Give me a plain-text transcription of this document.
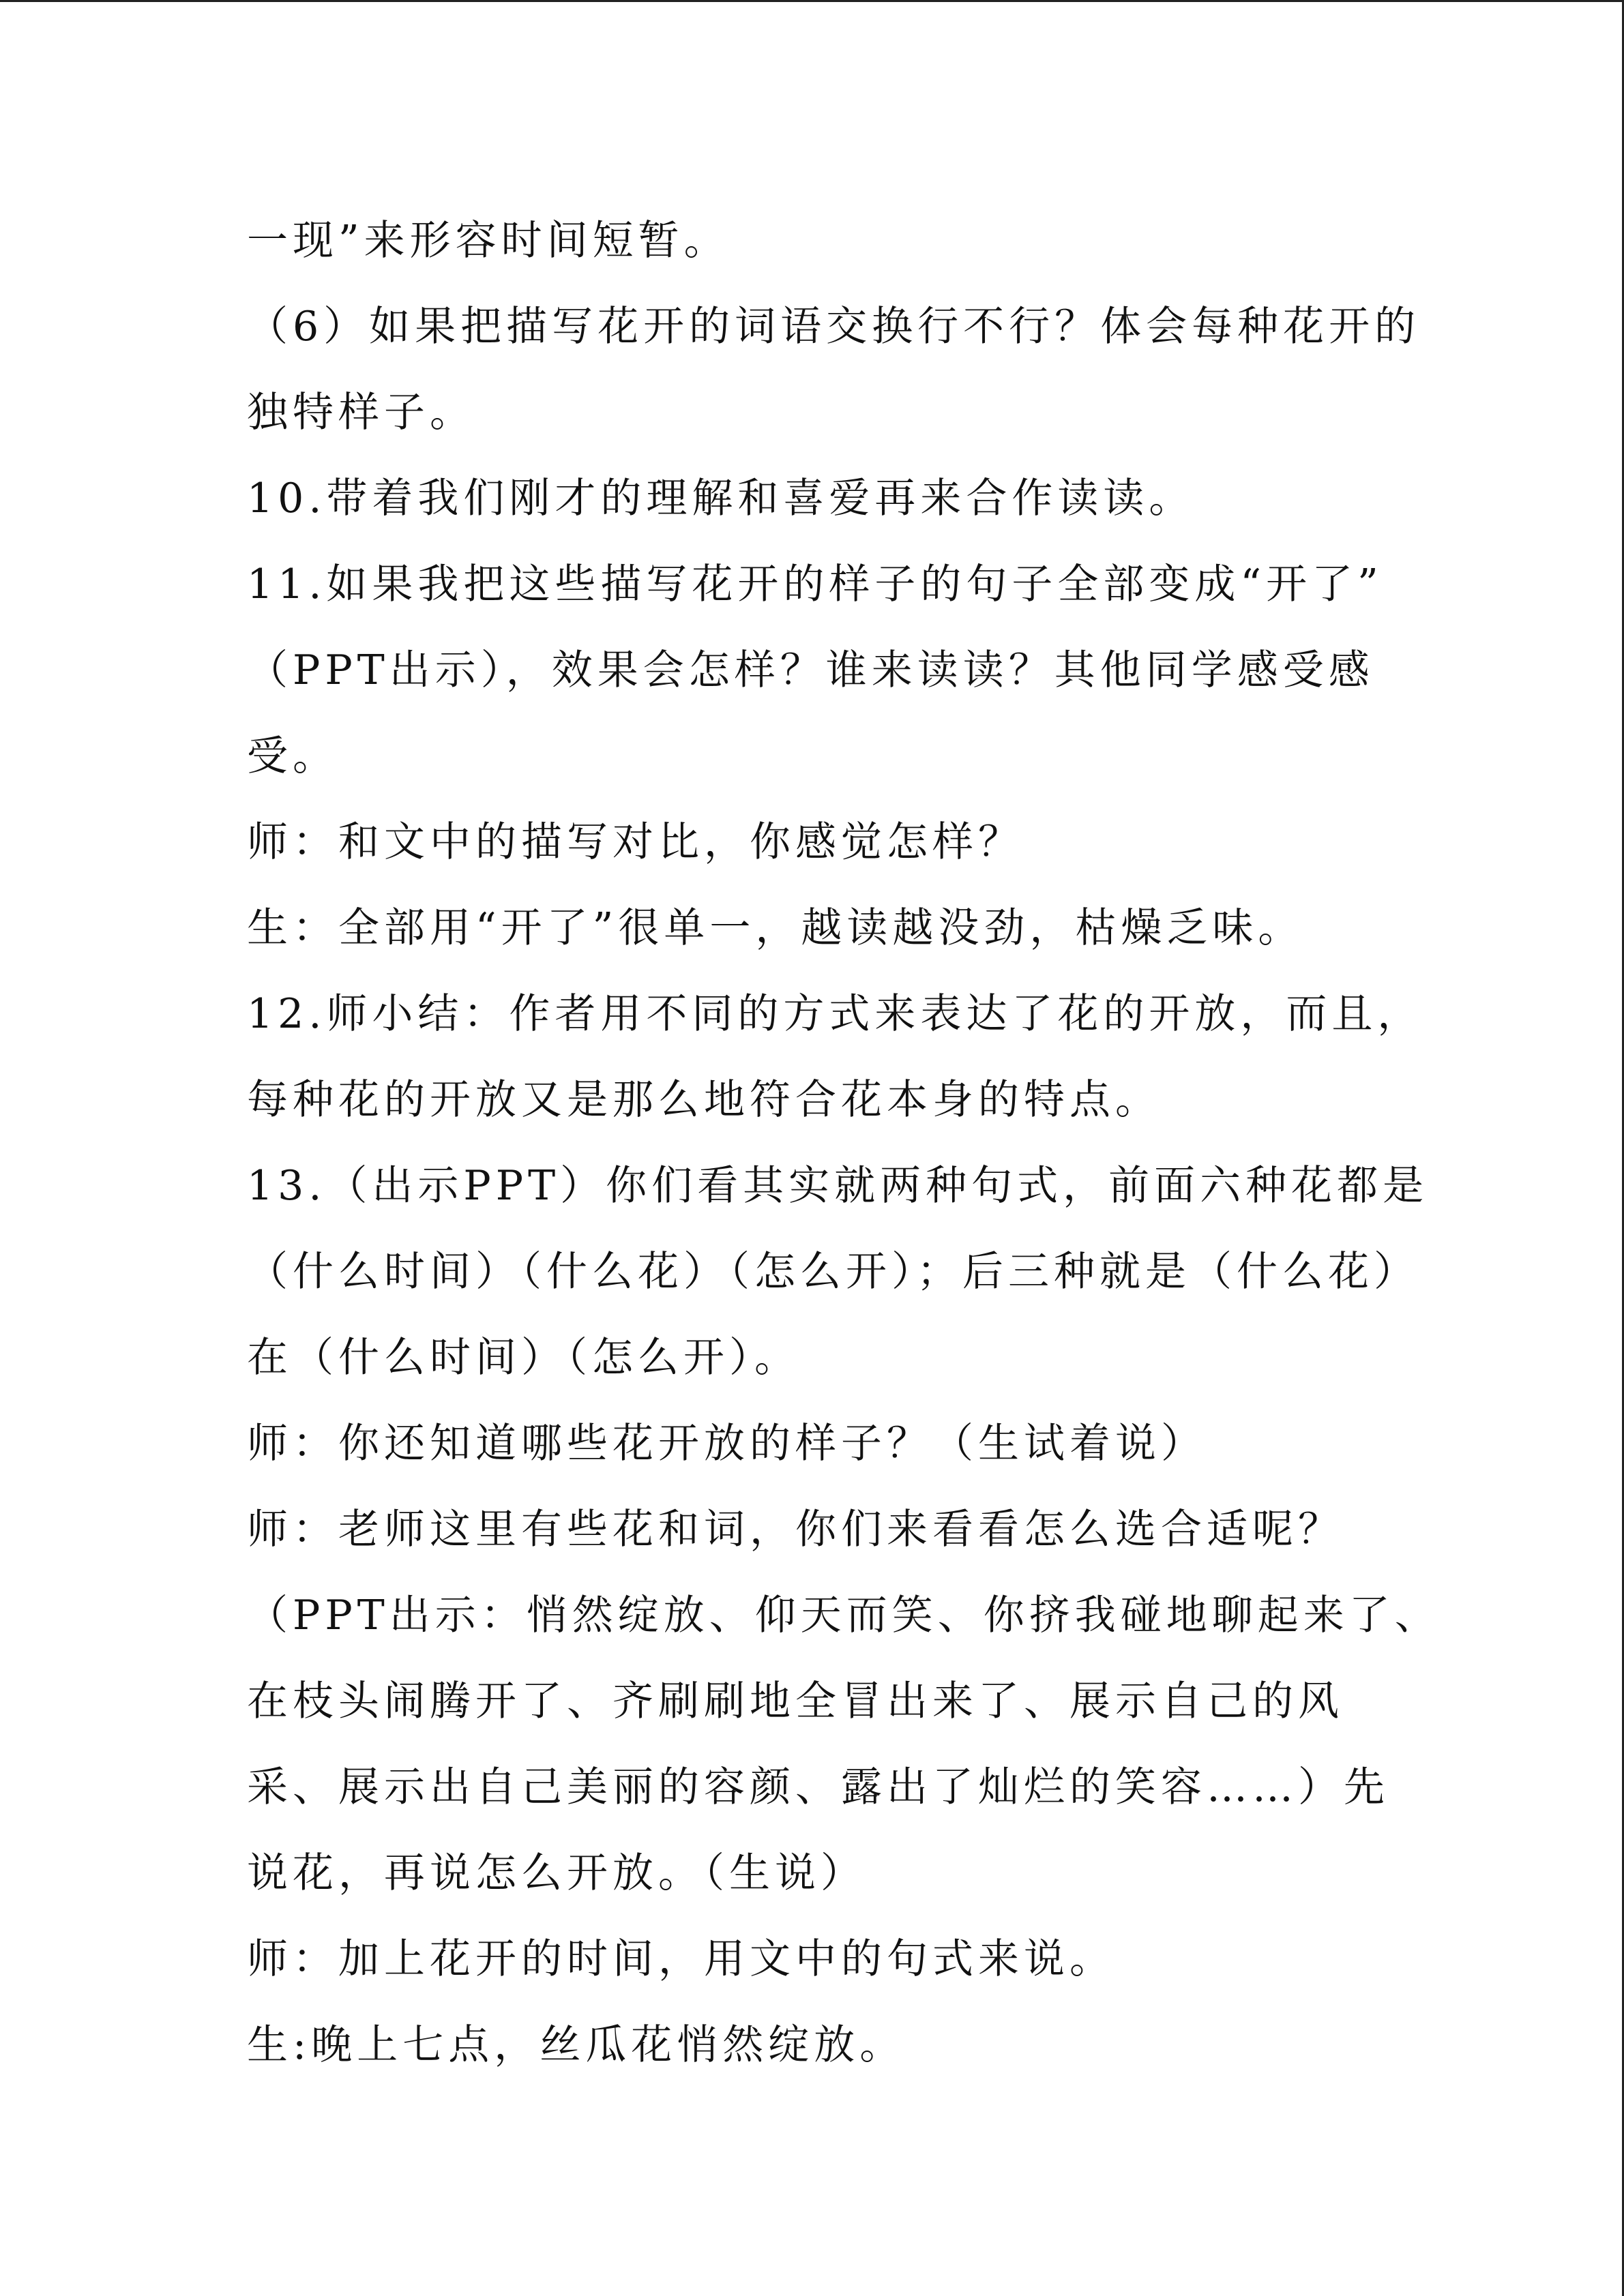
一现”来形容时间短暂。
（6）如果把描写花开的词语交换行不行？体会每种花开的
独特样子。
10.带着我们刚才的理解和喜爱再来合作读读。
11.如果我把这些描写花开的样子的句子全部变成“开了”
（PPT出示），效果会怎样？谁来读读？其他同学感受感
受。
师：和文中的描写对比，你感觉怎样？
生：全部用“开了”很单一，越读越没劲，枯燥乏味。
12.师小结：作者用不同的方式来表达了花的开放，而且，
每种花的开放又是那么地符合花本身的特点。
13.（出示PPT）你们看其实就两种句式，前面六种花都是
（什么时间）（什么花）（怎么开）；后三种就是（什么花）
在（什么时间）（怎么开）。
师：你还知道哪些花开放的样子？（生试着说）
师：老师这里有些花和词，你们来看看怎么选合适呢？
（PPT出示：悄然绽放、仰天而笑、你挤我碰地聊起来了、
在枝头闹腾开了、齐刷刷地全冒出来了、展示自己的风
采、展示出自己美丽的容颜、露出了灿烂的笑容……）先
说花，再说怎么开放。（生说）
师：加上花开的时间，用文中的句式来说。
生:晚上七点，丝瓜花悄然绽放。
